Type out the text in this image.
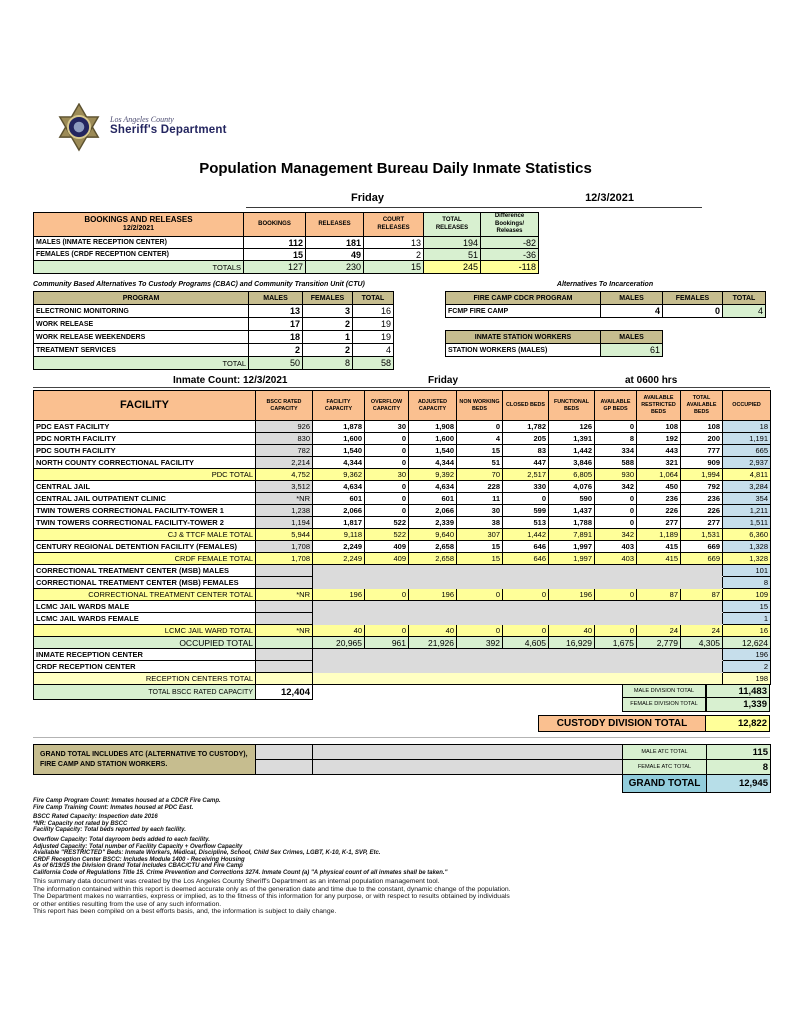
Los Angeles County
Sheriff's Department
Population Management Bureau Daily Inmate Statistics
Friday	12/3/2021
BOOKINGS AND RELEASES
12/2/2021	BOOKINGS	RELEASES	COURT RELEASES	TOTAL RELEASES	Difference Bookings/ Releases
MALES (INMATE RECEPTION CENTER)	112	181	13	194	-82
FEMALES (CRDF RECEPTION CENTER)	15	49	2	51	-36
TOTALS	127	230	15	245	-118
Community Based Alternatives To Custody Programs (CBAC) and Community Transition Unit (CTU)
PROGRAM	MALES	FEMALES	TOTAL
ELECTRONIC MONITORING	13	3	16
WORK RELEASE	17	2	19
WORK RELEASE WEEKENDERS	18	1	19
TREATMENT SERVICES	2	2	4
TOTAL	50	8	58
Alternatives To Incarceration
FIRE CAMP CDCR PROGRAM	MALES	FEMALES	TOTAL
FCMP FIRE CAMP	4	0	4
INMATE STATION WORKERS	MALES
STATION WORKERS (MALES)	61
Inmate Count: 12/3/2021	Friday	at 0600 hrs
FACILITY	BSCC RATED CAPACITY	FACILITY CAPACITY	OVERFLOW CAPACITY	ADJUSTED CAPACITY	NON WORKING BEDS	CLOSED BEDS	FUNCTIONAL BEDS	AVAILABLE GP BEDS	AVAILABLE RESTRICTED BEDS	TOTAL AVAILABLE BEDS	OCCUPIED
PDC EAST FACILITY	926	1,878	30	1,908	0	1,782	126	0	108	108	18
PDC NORTH FACILITY	830	1,600	0	1,600	4	205	1,391	8	192	200	1,191
PDC SOUTH FACILITY	782	1,540	0	1,540	15	83	1,442	334	443	777	665
NORTH COUNTY CORRECTIONAL FACILITY	2,214	4,344	0	4,344	51	447	3,846	588	321	909	2,937
PDC TOTAL	4,752	9,362	30	9,392	70	2,517	6,805	930	1,064	1,994	4,811
CENTRAL JAIL	3,512	4,634	0	4,634	228	330	4,076	342	450	792	3,284
CENTRAL JAIL OUTPATIENT CLINIC	*NR	601	0	601	11	0	590	0	236	236	354
TWIN TOWERS CORRECTIONAL FACILITY-TOWER 1	1,238	2,066	0	2,066	30	599	1,437	0	226	226	1,211
TWIN TOWERS CORRECTIONAL FACILITY-TOWER 2	1,194	1,817	522	2,339	38	513	1,788	0	277	277	1,511
CJ & TTCF MALE TOTAL	5,944	9,118	522	9,640	307	1,442	7,891	342	1,189	1,531	6,360
CENTURY REGIONAL DETENTION FACILITY (FEMALES)	1,708	2,249	409	2,658	15	646	1,997	403	415	669	1,328
CRDF FEMALE TOTAL	1,708	2,249	409	2,658	15	646	1,997	403	415	669	1,328
CORRECTIONAL TREATMENT CENTER (MSB) MALES											101
CORRECTIONAL TREATMENT CENTER (MSB) FEMALES											8
CORRECTIONAL TREATMENT CENTER TOTAL	*NR	196	0	196	0	0	196	0	87	87	109
LCMC JAIL WARDS MALE											15
LCMC JAIL WARDS FEMALE											1
LCMC JAIL WARD TOTAL	*NR	40	0	40	0	0	40	0	24	24	16
OCCUPIED TOTAL		20,965	961	21,926	392	4,605	16,929	1,675	2,779	4,305	12,624
INMATE RECEPTION CENTER											196
CRDF RECEPTION CENTER											2
RECEPTION CENTERS TOTAL											198
TOTAL BSCC RATED CAPACITY	12,404	MALE DIVISION TOTAL	11,483
FEMALE DIVISION TOTAL	1,339
CUSTODY DIVISION TOTAL	12,822
GRAND TOTAL INCLUDES ATC (ALTERNATIVE TO CUSTODY), FIRE CAMP AND STATION WORKERS.			MALE ATC TOTAL	115
			FEMALE ATC TOTAL	8
			GRAND TOTAL	12,945
Fire Camp Program Count: Inmates housed at a CDCR Fire Camp.
Fire Camp Training Count: Inmates housed at PDC East.
BSCC Rated Capacity: Inspection date 2016
*NR: Capacity not rated by BSCC
Facility Capacity: Total beds reported by each facility.
Overflow Capacity: Total dayroom beds added to each facility.
Adjusted Capacity: Total number of Facility Capacity + Overflow Capacity
Available "RESTRICTED" Beds: Inmate Workers, Medical, Discipline, School, Child Sex Crimes, LGBT, K-10, K-1, SVP, Etc.
CRDF Reception Center BSCC: Includes Module 1400 - Receiving Housing
As of 6/19/15 the Division Grand Total includes CBAC/CTU and Fire Camp
California Code of Regulations Title 15. Crime Prevention and Corrections 3274. Inmate Count (a) "A physical count of all inmates shall be taken."
This summary data document was created by the Los Angeles County Sheriff's Department as an internal population management tool.
The information contained within this report is deemed accurate only as of the generation date and time due to the constant, dynamic change of the population.
The Department makes no warranties, express or implied, as to the fitness of this information for any purpose, or with respect to results obtained by individuals
or other entities resulting from the use of any such information.
This report has been compiled on a best efforts basis, and, the information is subject to daily change.
